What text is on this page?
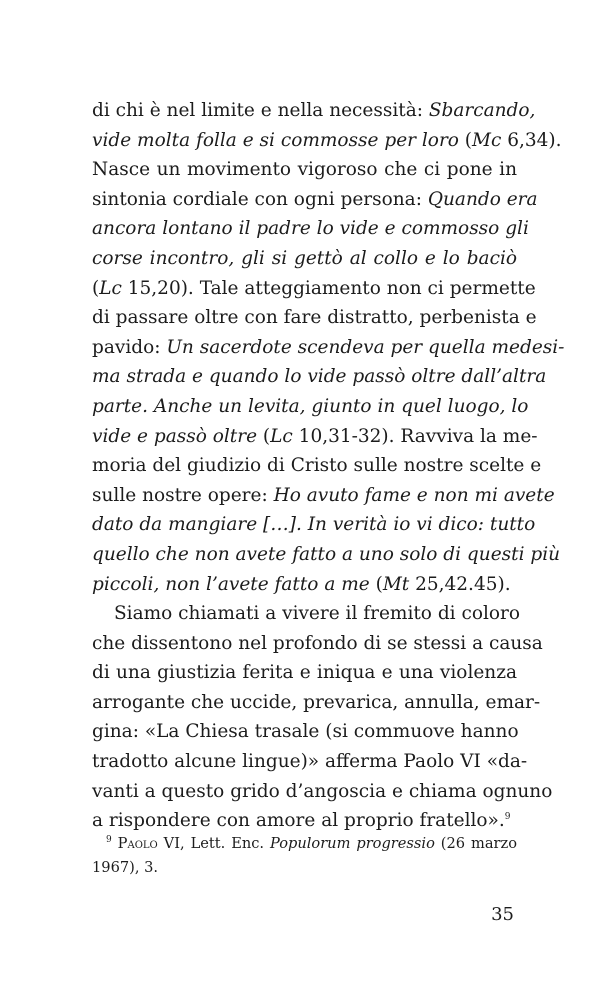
di chi è nel limite e nella necessità: Sbarcando,
vide molta folla e si commosse per loro (Mc 6,34).
Nasce un movimento vigoroso che ci pone in
sintonia cordiale con ogni persona: Quando era
ancora lontano il padre lo vide e commosso gli
corse incontro, gli si gettò al collo e lo baciò
(Lc 15,20). Tale atteggiamento non ci permette
di passare oltre con fare distratto, perbenista e
pavido: Un sacerdote scendeva per quella medesi-
ma strada e quando lo vide passò oltre dall’altra
parte. Anche un levita, giunto in quel luogo, lo
vide e passò oltre (Lc 10,31-32). Ravviva la me-
moria del giudizio di Cristo sulle nostre scelte e
sulle nostre opere: Ho avuto fame e non mi avete
dato da mangiare […]. In verità io vi dico: tutto
quello che non avete fatto a uno solo di questi più
piccoli, non l’avete fatto a me (Mt 25,42.45).
Siamo chiamati a vivere il fremito di coloro
che dissentono nel profondo di se stessi a causa
di una giustizia ferita e iniqua e una violenza
arrogante che uccide, prevarica, annulla, emar-
gina: «La Chiesa trasale (si commuove hanno
tradotto alcune lingue)» afferma Paolo VI «da-
vanti a questo grido d’angoscia e chiama ognuno
a rispondere con amore al proprio fratello».$^9$
$^9$ Paolo VI, Lett. Enc. Populorum progressio (26 marzo
1967), 3.
35
